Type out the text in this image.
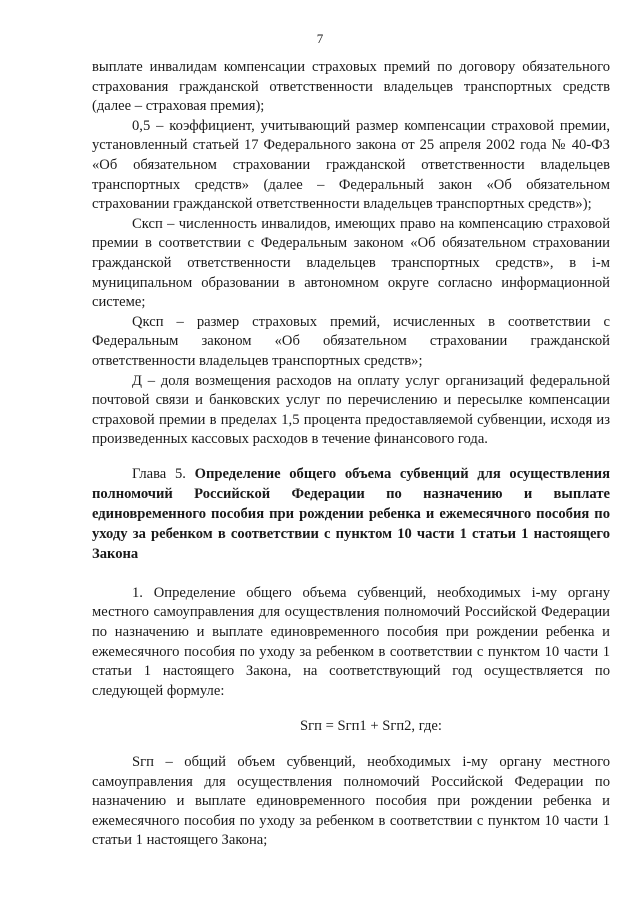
7

выплате инвалидам компенсации страховых премий по договору обязательного страхования гражданской ответственности владельцев транспортных средств (далее – страховая премия);

0,5 – коэффициент, учитывающий размер компенсации страховой премии, установленный статьей 17 Федерального закона от 25 апреля 2002 года № 40-ФЗ «Об обязательном страховании гражданской ответственности владельцев транспортных средств» (далее – Федеральный закон «Об обязательном страховании гражданской ответственности владельцев транспортных средств»);

Cксп – численность инвалидов, имеющих право на компенсацию страховой премии в соответствии с Федеральным законом «Об обязательном страховании гражданской ответственности владельцев транспортных средств», в i-м муниципальном образовании в автономном округе согласно информационной системе;

Qксп – размер страховых премий, исчисленных в соответствии с Федеральным законом «Об обязательном страховании гражданской ответственности владельцев транспортных средств»;

Д – доля возмещения расходов на оплату услуг организаций федеральной почтовой связи и банковских услуг по перечислению и пересылке компенсации страховой премии в пределах 1,5 процента предоставляемой субвенции, исходя из произведенных кассовых расходов в течение финансового года.

Глава 5. Определение общего объема субвенций для осуществления полномочий Российской Федерации по назначению и выплате единовременного пособия при рождении ребенка и ежемесячного пособия по уходу за ребенком в соответствии с пунктом 10 части 1 статьи 1 настоящего Закона

1. Определение общего объема субвенций, необходимых i-му органу местного самоуправления для осуществления полномочий Российской Федерации по назначению и выплате единовременного пособия при рождении ребенка и ежемесячного пособия по уходу за ребенком в соответствии с пунктом 10 части 1 статьи 1 настоящего Закона, на соответствующий год осуществляется по следующей формуле:

Sгп = Sгп1 + Sгп2, где:

Sгп – общий объем субвенций, необходимых i-му органу местного самоуправления для осуществления полномочий Российской Федерации по назначению и выплате единовременного пособия при рождении ребенка и ежемесячного пособия по уходу за ребенком в соответствии с пунктом 10 части 1 статьи 1 настоящего Закона;
